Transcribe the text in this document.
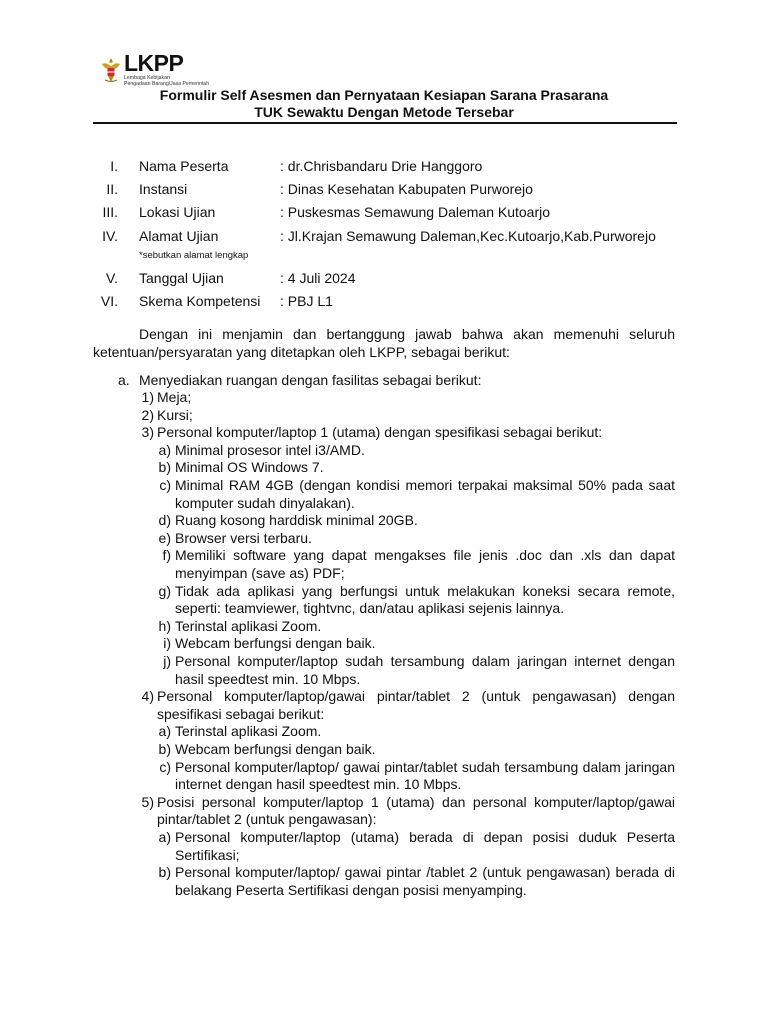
LKPP
Lembaga Kebijakan
Pengadaan Barang/Jasa Pemerintah
Formulir Self Asesmen dan Pernyataan Kesiapan Sarana Prasarana
TUK Sewaktu Dengan Metode Tersebar
I. Nama Peserta	: dr.Chrisbandaru Drie Hanggoro
II. Instansi	: Dinas Kesehatan Kabupaten Purworejo
III. Lokasi Ujian	: Puskesmas Semawung Daleman Kutoarjo
IV. Alamat Ujian	: Jl.Krajan Semawung Daleman,Kec.Kutoarjo,Kab.Purworejo
*sebutkan alamat lengkap
V. Tanggal Ujian	: 4 Juli 2024
VI. Skema Kompetensi : PBJ L1
Dengan ini menjamin dan bertanggung jawab bahwa akan memenuhi seluruh
ketentuan/persyaratan yang ditetapkan oleh LKPP, sebagai berikut:
a. Menyediakan ruangan dengan fasilitas sebagai berikut:
1) Meja;
2) Kursi;
3) Personal komputer/laptop 1 (utama) dengan spesifikasi sebagai berikut:
a) Minimal prosesor intel i3/AMD.
b) Minimal OS Windows 7.
c) Minimal RAM 4GB (dengan kondisi memori terpakai maksimal 50% pada saat
komputer sudah dinyalakan).
d) Ruang kosong harddisk minimal 20GB.
e) Browser versi terbaru.
f) Memiliki software yang dapat mengakses file jenis .doc dan .xls dan dapat
menyimpan (save as) PDF;
g) Tidak ada aplikasi yang berfungsi untuk melakukan koneksi secara remote,
seperti: teamviewer, tightvnc, dan/atau aplikasi sejenis lainnya.
h) Terinstal aplikasi Zoom.
i) Webcam berfungsi dengan baik.
j) Personal komputer/laptop sudah tersambung dalam jaringan internet dengan
hasil speedtest min. 10 Mbps.
4) Personal komputer/laptop/gawai pintar/tablet 2 (untuk pengawasan) dengan
spesifikasi sebagai berikut:
a) Terinstal aplikasi Zoom.
b) Webcam berfungsi dengan baik.
c) Personal komputer/laptop/ gawai pintar/tablet sudah tersambung dalam jaringan
internet dengan hasil speedtest min. 10 Mbps.
5) Posisi personal komputer/laptop 1 (utama) dan personal komputer/laptop/gawai
pintar/tablet 2 (untuk pengawasan):
a) Personal komputer/laptop (utama) berada di depan posisi duduk Peserta
Sertifikasi;
b) Personal komputer/laptop/ gawai pintar /tablet 2 (untuk pengawasan) berada di
belakang Peserta Sertifikasi dengan posisi menyamping.
